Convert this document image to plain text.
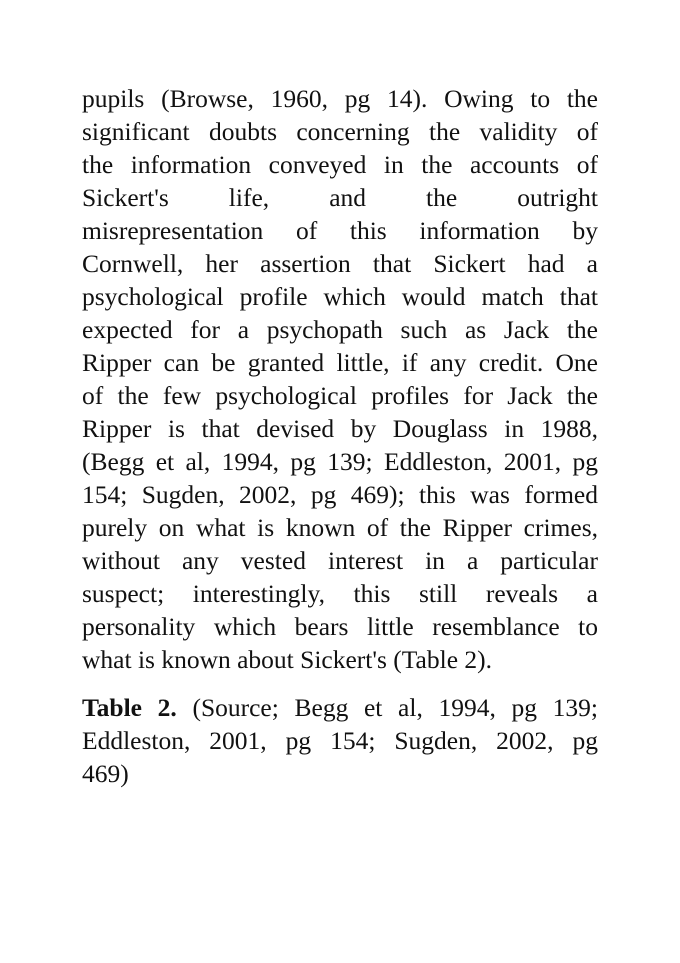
pupils (Browse, 1960, pg 14). Owing to the
significant doubts concerning the validity of
the information conveyed in the accounts of
Sickert's life, and the outright
misrepresentation of this information by
Cornwell, her assertion that Sickert had a
psychological profile which would match that
expected for a psychopath such as Jack the
Ripper can be granted little, if any credit. One
of the few psychological profiles for Jack the
Ripper is that devised by Douglass in 1988,
(Begg et al, 1994, pg 139; Eddleston, 2001, pg
154; Sugden, 2002, pg 469); this was formed
purely on what is known of the Ripper crimes,
without any vested interest in a particular
suspect; interestingly, this still reveals a
personality which bears little resemblance to
what is known about Sickert's (Table 2).
Table 2. (Source; Begg et al, 1994, pg 139;
Eddleston, 2001, pg 154; Sugden, 2002, pg
469)
